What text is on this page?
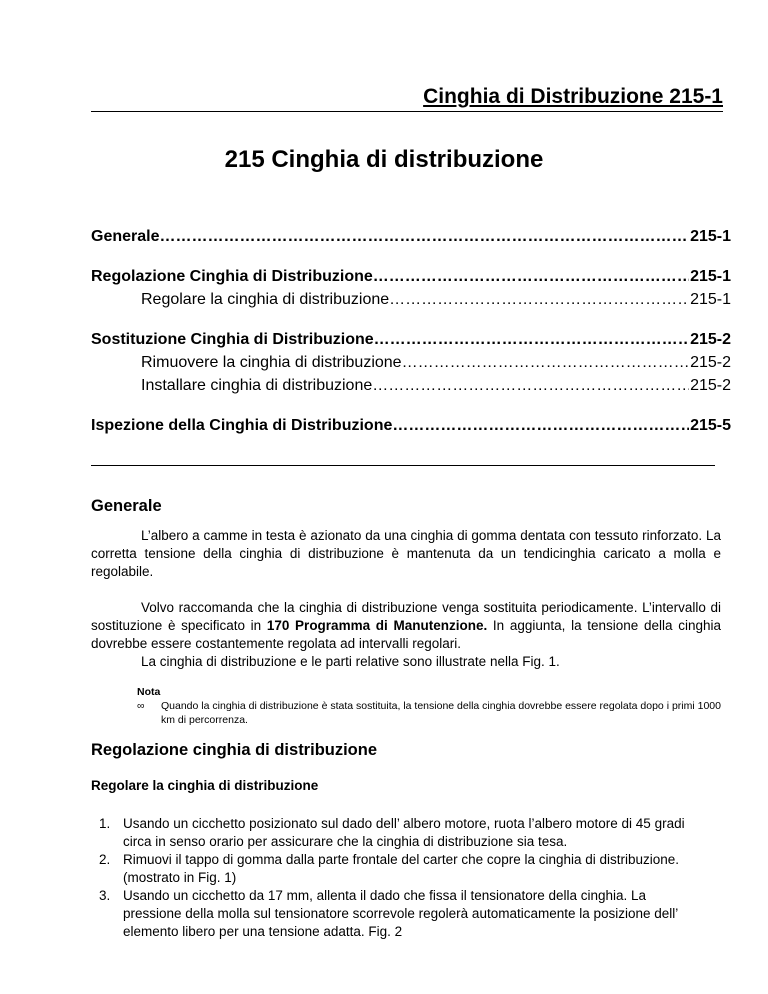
Cinghia di Distribuzione 215-1
215 Cinghia di distribuzione
Generale …………………………………………………………………………………………………………………………………………………………	215-1
Regolazione Cinghia di Distribuzione …………………………………………………………………………………………………………………………………………………………	215-1
Regolare la cinghia di distribuzione …………………………………………………………………………………………………………………………………………………………	215-1
Sostituzione Cinghia di Distribuzione …………………………………………………………………………………………………………………………………………………………	215-2
Rimuovere la cinghia di distribuzione …………………………………………………………………………………………………………………………………………………………	215-2
Installare cinghia di distribuzione …………………………………………………………………………………………………………………………………………………………	215-2
Ispezione della Cinghia di Distribuzione …………………………………………………………………………………………………………………………………………………………	215-5
Generale

L’albero a camme in testa è azionato da una cinghia di gomma dentata con tessuto rinforzato. La corretta tensione della cinghia di distribuzione è mantenuta da un tendicinghia caricato a molla e regolabile.

Volvo raccomanda che la cinghia di distribuzione venga sostituita periodicamente. L’intervallo di sostituzione è specificato in 170 Programma di Manutenzione. In aggiunta, la tensione della cinghia dovrebbe essere costantemente regolata ad intervalli regolari.

La cinghia di distribuzione e le parti relative sono illustrate nella Fig. 1.

Nota
∞	Quando la cinghia di distribuzione è stata sostituita, la tensione della cinghia dovrebbe essere regolata dopo i primi 1000 km di percorrenza.

Regolazione cinghia di distribuzione
Regolare la cinghia di distribuzione
1. Usando un cicchetto posizionato sul dado dell’ albero motore, ruota l’albero motore di 45 gradi circa in senso orario per assicurare che la cinghia di distribuzione sia tesa.
2. Rimuovi il tappo di gomma dalla parte frontale del carter che copre la cinghia di distribuzione. (mostrato in Fig. 1)
3. Usando un cicchetto da 17 mm, allenta il dado che fissa il tensionatore della cinghia. La pressione della molla sul tensionatore scorrevole regolerà automaticamente la posizione dell’ elemento libero per una tensione adatta. Fig. 2
